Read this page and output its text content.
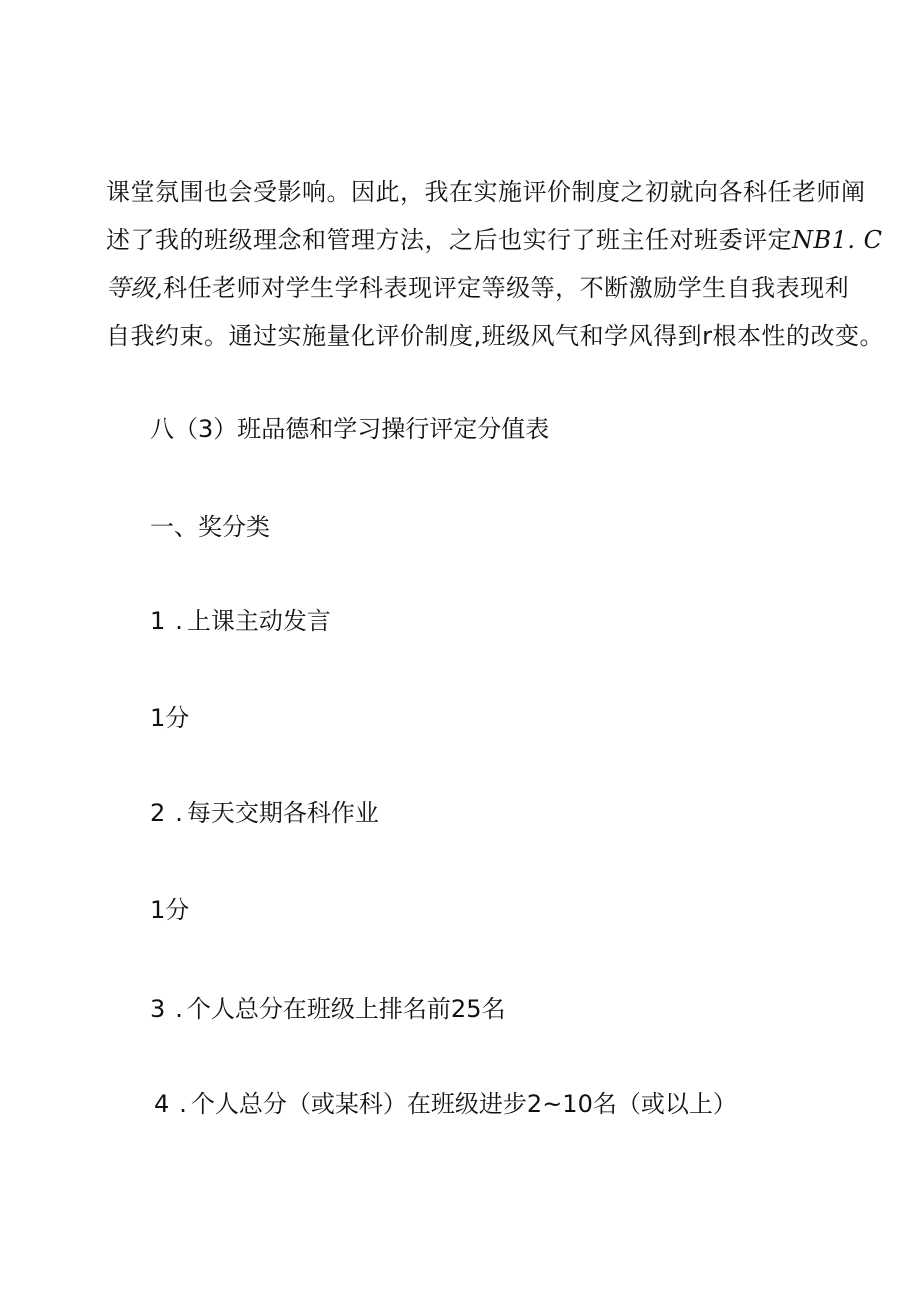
课堂氛围也会受影响。因此，我在实施评价制度之初就向各科任老师阐
述了我的班级理念和管理方法，之后也实行了班主任对班委评定NB1. C
等级,科任老师对学生学科表现评定等级等，不断激励学生自我表现利
自我约束。通过实施量化评价制度,班级风气和学风得到r根本性的改变。

八（3）班品德和学习操行评定分值表

一、奖分类

1 . 上课主动发言

1分

2 . 每天交期各科作业

1分

3 . 个人总分在班级上排名前25名

4 . 个人总分（或某科）在班级进步2~10名（或以上）
